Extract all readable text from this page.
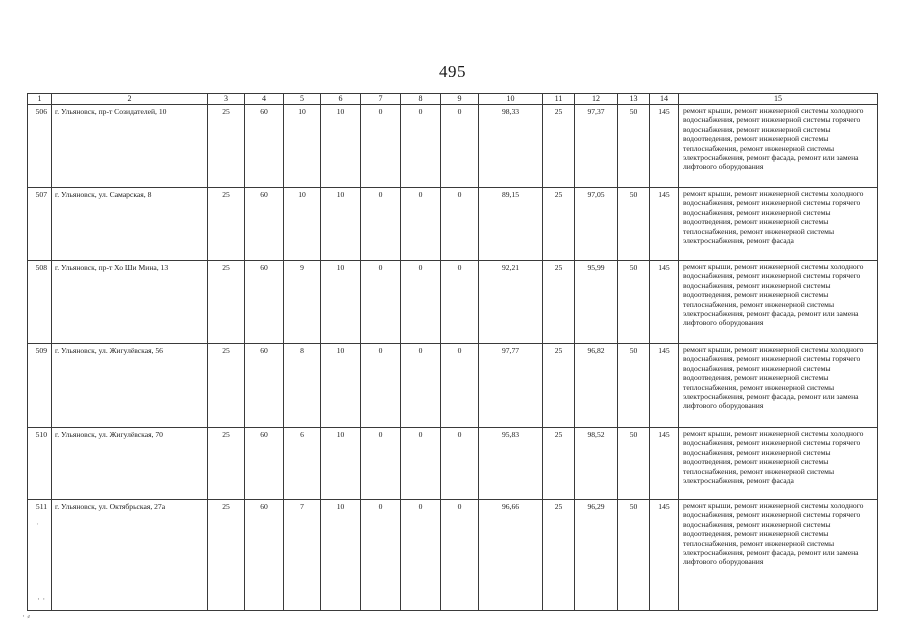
495
1	2	3	4	5	6	7	8	9	10	11	12	13	14	15
506	г. Ульяновск, пр-т Созидателей, 10	25	60	10	10	0	0	0	98,33	25	97,37	50	145	ремонт крыши, ремонт инженерной системы холодного водоснабжения, ремонт инженерной системы горячего водоснабжения, ремонт инженерной системы водоотведения, ремонт инженерной системы теплоснабжения, ремонт инженерной системы электроснабжения, ремонт фасада, ремонт или замена лифтового оборудования
507	г. Ульяновск, ул. Самарская, 8	25	60	10	10	0	0	0	89,15	25	97,05	50	145	ремонт крыши, ремонт инженерной системы холодного водоснабжения, ремонт инженерной системы горячего водоснабжения, ремонт инженерной системы водоотведения, ремонт инженерной системы теплоснабжения, ремонт инженерной системы электроснабжения, ремонт фасада
508	г. Ульяновск, пр-т Хо Ши Мина, 13	25	60	9	10	0	0	0	92,21	25	95,99	50	145	ремонт крыши, ремонт инженерной системы холодного водоснабжения, ремонт инженерной системы горячего водоснабжения, ремонт инженерной системы водоотведения, ремонт инженерной системы теплоснабжения, ремонт инженерной системы электроснабжения, ремонт фасада, ремонт или замена лифтового оборудования
509	г. Ульяновск, ул. Жигулёвская, 56	25	60	8	10	0	0	0	97,77	25	96,82	50	145	ремонт крыши, ремонт инженерной системы холодного водоснабжения, ремонт инженерной системы горячего водоснабжения, ремонт инженерной системы водоотведения, ремонт инженерной системы теплоснабжения, ремонт инженерной системы электроснабжения, ремонт фасада, ремонт или замена лифтового оборудования
510	г. Ульяновск, ул. Жигулёвская, 70	25	60	6	10	0	0	0	95,83	25	98,52	50	145	ремонт крыши, ремонт инженерной системы холодного водоснабжения, ремонт инженерной системы горячего водоснабжения, ремонт инженерной системы водоотведения, ремонт инженерной системы теплоснабжения, ремонт инженерной системы электроснабжения, ремонт фасада
511	г. Ульяновск, ул. Октябрьская, 27а	25	60	7	10	0	0	0	96,66	25	96,29	50	145	ремонт крыши, ремонт инженерной системы холодного водоснабжения, ремонт инженерной системы горячего водоснабжения, ремонт инженерной системы водоотведения, ремонт инженерной системы теплоснабжения, ремонт инженерной системы электроснабжения, ремонт фасада, ремонт или замена лифтового оборудования
· ·
· ⸗
·
